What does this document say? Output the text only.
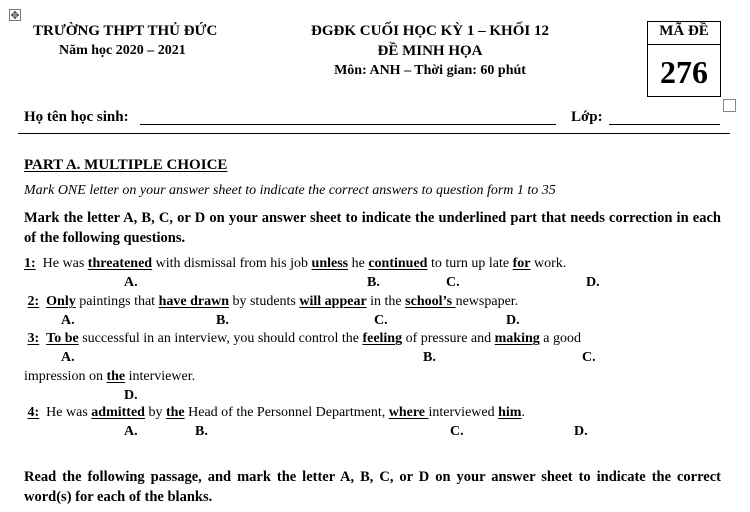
✥
TRƯỜNG THPT THỦ ĐỨC
Năm học 2020 – 2021
ĐGĐK CUỐI HỌC KỲ 1 – KHỐI 12
ĐỀ MINH HỌA
Môn: ANH – Thời gian: 60 phút
MÃ ĐỀ
276
Họ tên học sinh:	Lớp:
PART A. MULTIPLE CHOICE
Mark ONE letter on your answer sheet to indicate the correct answers to question form 1 to 35
Mark the letter A, B, C, or D on your answer sheet to indicate the underlined part that needs correction in each of the following questions.
1: He was threatened with dismissal from his job unless he continued to turn up late for work.
A.	B.	C.	D.
2: Only paintings that have drawn by students will appear in the school’s newspaper.
A.	B.	C.	D.
3: To be successful in an interview, you should control the feeling of pressure and making a good
A.	B.	C.
impression on the interviewer.
D.
4: He was admitted by the Head of the Personnel Department, where interviewed him.
A.	B.	C.	D.
Read the following passage, and mark the letter A, B, C, or D on your answer sheet to indicate the correct word(s) for each of the blanks.
